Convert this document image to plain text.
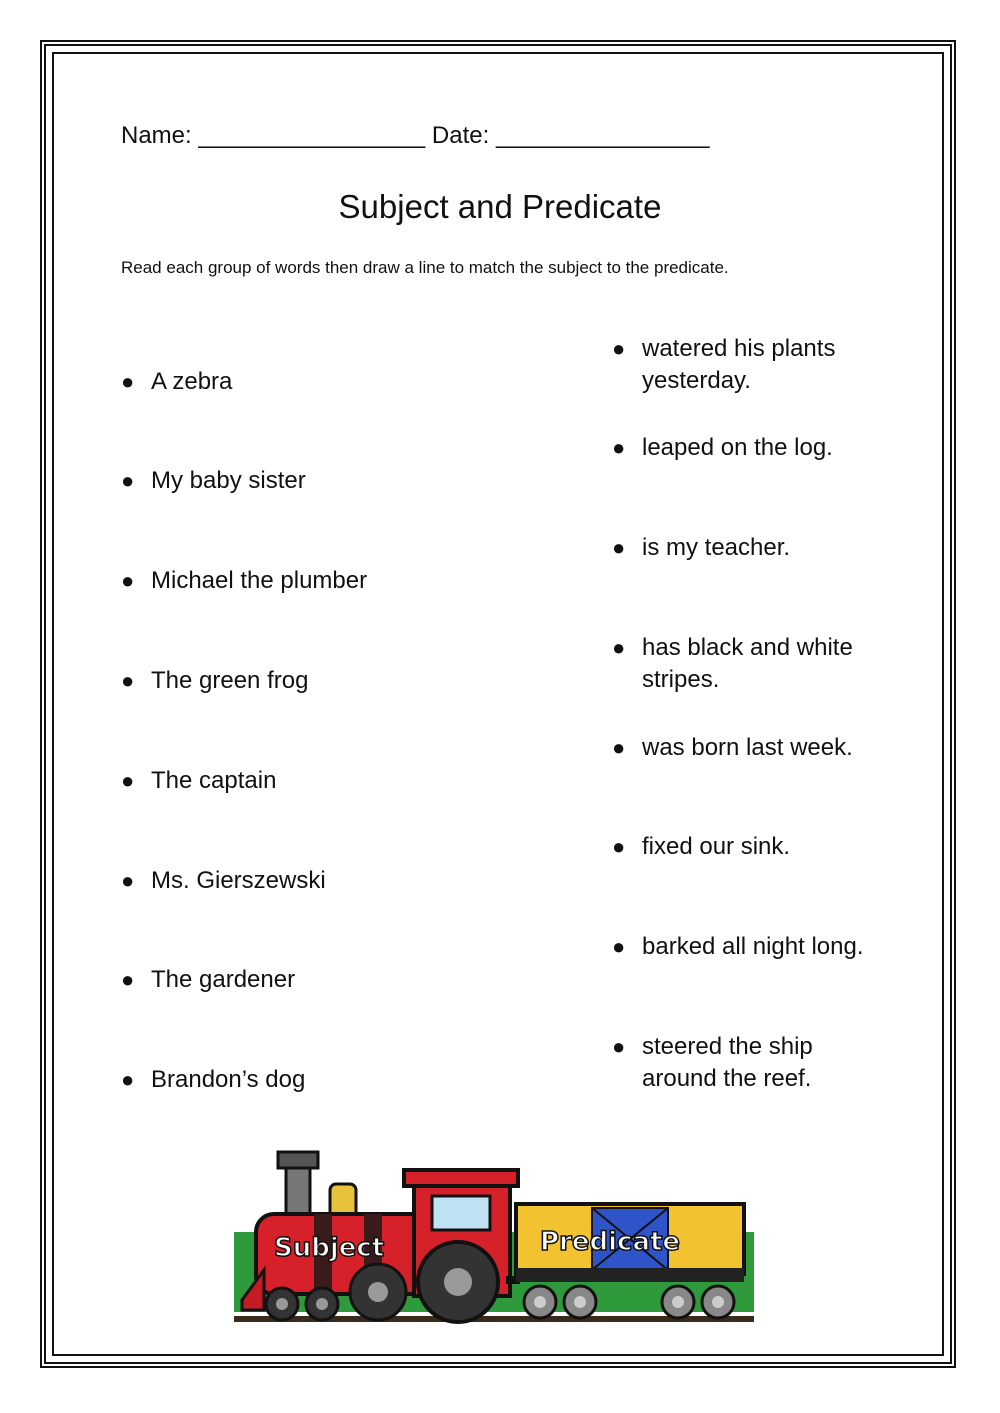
Name: _________________ Date: ________________
Subject and Predicate
Read each group of words then draw a line to match the subject to the predicate.
● A zebra
● My baby sister
● Michael the plumber
● The green frog
● The captain
● Ms. Gierszewski
● The gardener
● Brandon’s dog
● watered his plants
yesterday.
● leaped on the log.
● is my teacher.
● has black and white
stripes.
● was born last week.
● fixed our sink.
● barked all night long.
● steered the ship
around the reef.
Subject	Predicate
